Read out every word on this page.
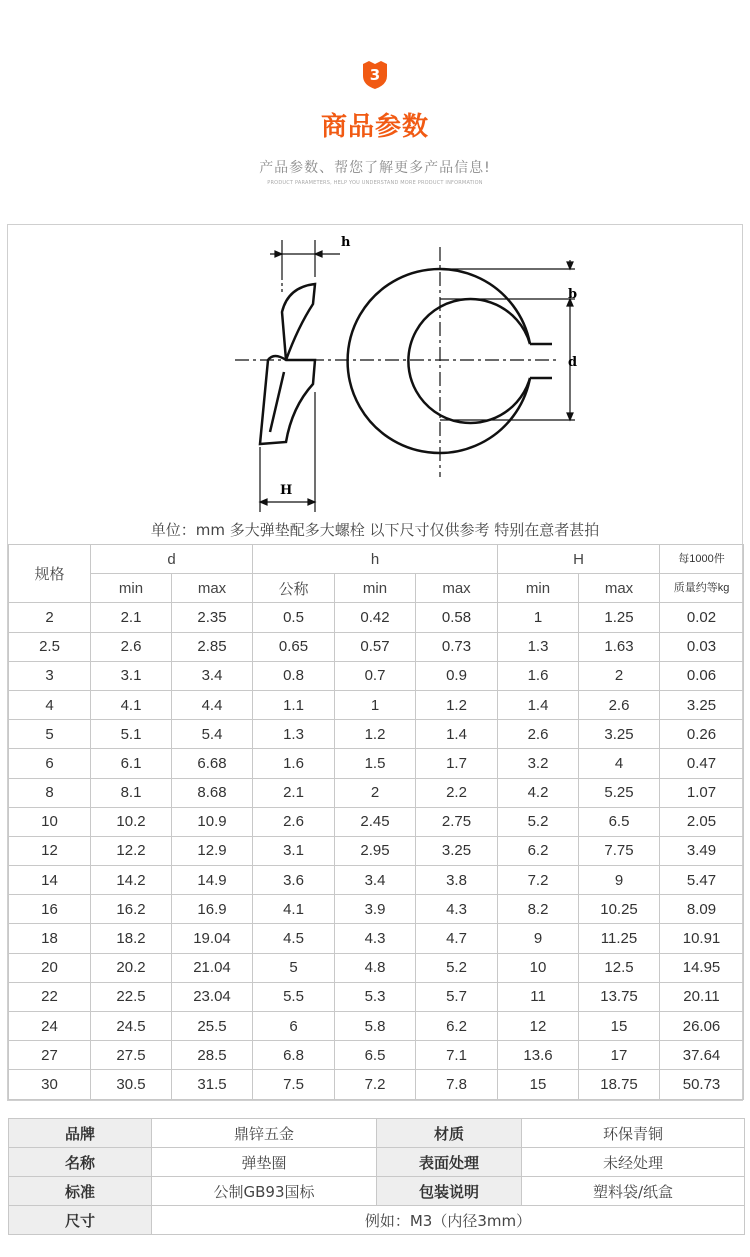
3
商品参数
产品参数、帮您了解更多产品信息!
PRODUCT PARAMETERS, HELP YOU UNDERSTAND MORE PRODUCT INFORMATION
h
b
d
H
单位：mm 多大弹垫配多大螺栓 以下尺寸仅供参考 特别在意者甚拍
规格	d		h			H		每1000件
	min	max	公称	min	max	min	max	质量约等kg
2	2.1	2.35	0.5	0.42	0.58	1	1.25	0.02
2.5	2.6	2.85	0.65	0.57	0.73	1.3	1.63	0.03
3	3.1	3.4	0.8	0.7	0.9	1.6	2	0.06
4	4.1	4.4	1.1	1	1.2	1.4	2.6	3.25
5	5.1	5.4	1.3	1.2	1.4	2.6	3.25	0.26
6	6.1	6.68	1.6	1.5	1.7	3.2	4	0.47
8	8.1	8.68	2.1	2	2.2	4.2	5.25	1.07
10	10.2	10.9	2.6	2.45	2.75	5.2	6.5	2.05
12	12.2	12.9	3.1	2.95	3.25	6.2	7.75	3.49
14	14.2	14.9	3.6	3.4	3.8	7.2	9	5.47
16	16.2	16.9	4.1	3.9	4.3	8.2	10.25	8.09
18	18.2	19.04	4.5	4.3	4.7	9	11.25	10.91
20	20.2	21.04	5	4.8	5.2	10	12.5	14.95
22	22.5	23.04	5.5	5.3	5.7	11	13.75	20.11
24	24.5	25.5	6	5.8	6.2	12	15	26.06
27	27.5	28.5	6.8	6.5	7.1	13.6	17	37.64
30	30.5	31.5	7.5	7.2	7.8	15	18.75	50.73
品牌	鼎锌五金	材质	环保青铜
名称	弹垫圈	表面处理	未经处理
标准	公制GB93国标	包装说明	塑料袋/纸盒
尺寸	例如：M3（内径3mm）		
